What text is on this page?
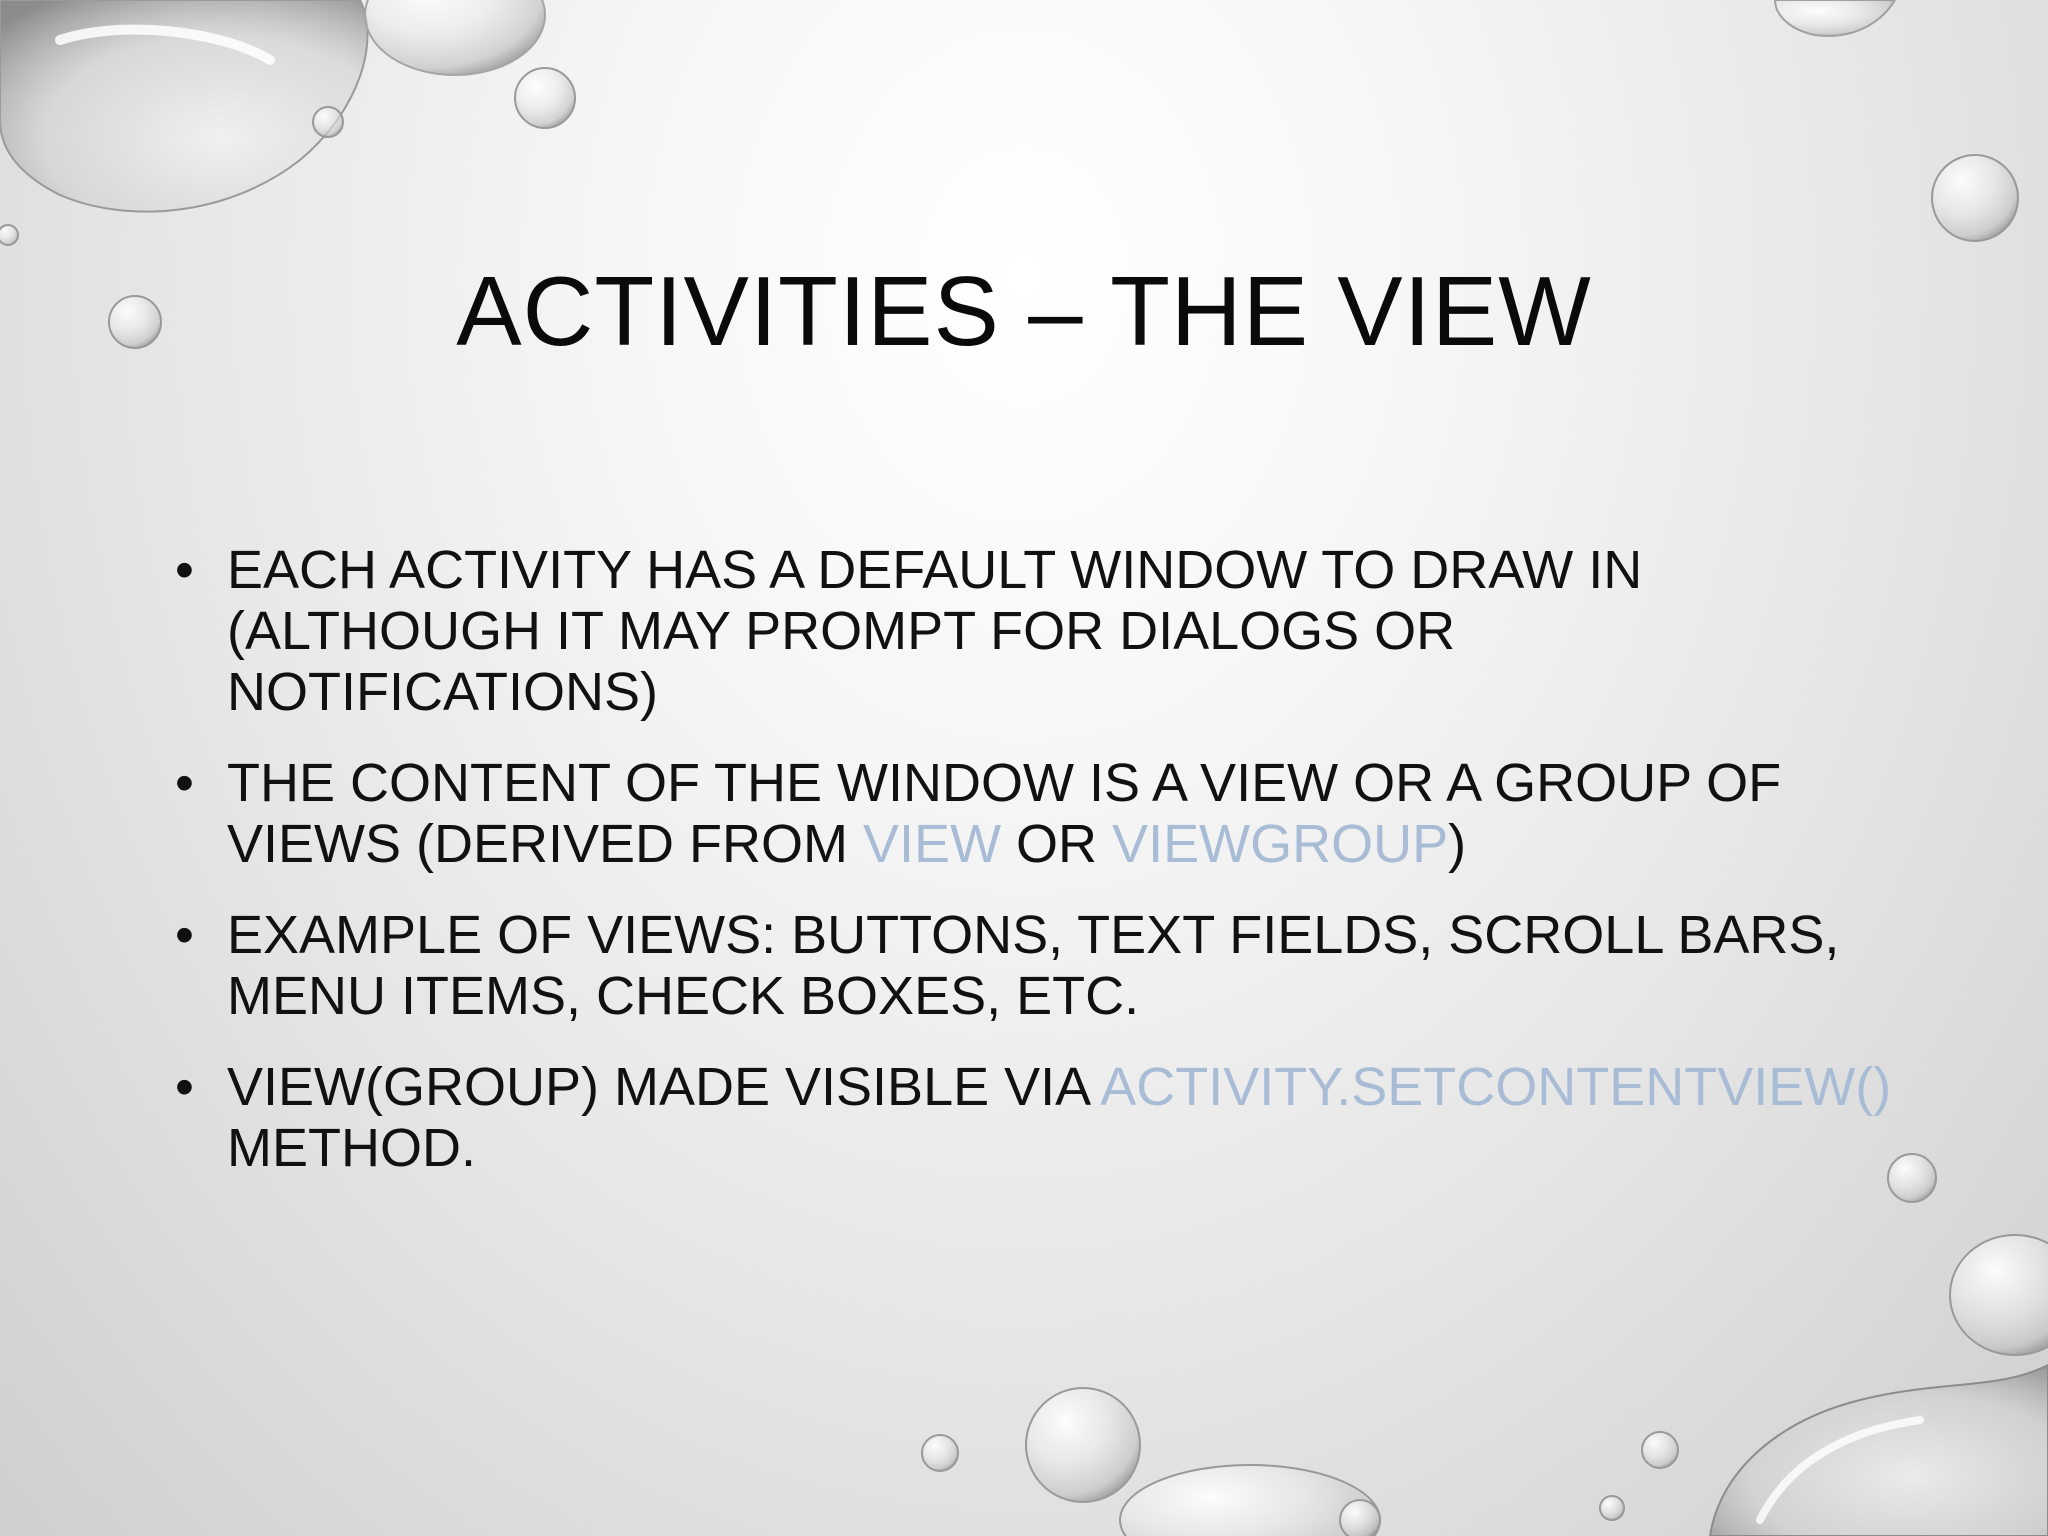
ACTIVITIES – THE VIEW
• EACH ACTIVITY HAS A DEFAULT WINDOW TO DRAW IN (ALTHOUGH IT MAY PROMPT FOR DIALOGS OR NOTIFICATIONS)
• THE CONTENT OF THE WINDOW IS A VIEW OR A GROUP OF VIEWS (DERIVED FROM VIEW OR VIEWGROUP)
• EXAMPLE OF VIEWS: BUTTONS, TEXT FIELDS, SCROLL BARS, MENU ITEMS, CHECK BOXES, ETC.
• VIEW(GROUP) MADE VISIBLE VIA ACTIVITY.SETCONTENTVIEW() METHOD.
